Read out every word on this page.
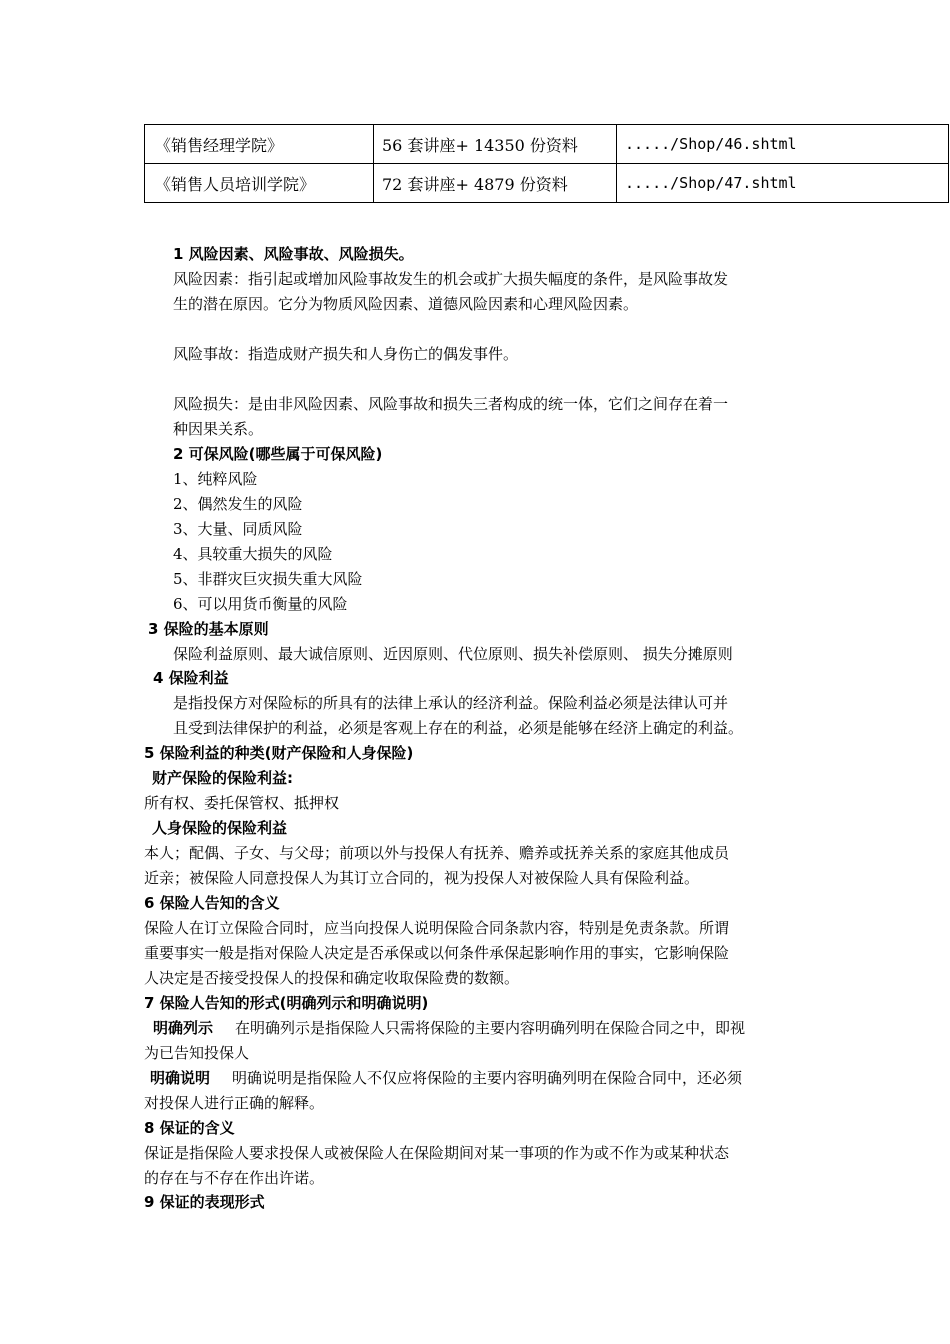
《销售经理学院》	56 套讲座+ 14350 份资料	...../Shop/46.shtml
《销售人员培训学院》	72 套讲座+ 4879 份资料	...../Shop/47.shtml
1 风险因素、风险事故、风险损失。
风险因素：指引起或增加风险事故发生的机会或扩大损失幅度的条件，是风险事故发
生的潜在原因。它分为物质风险因素、道德风险因素和心理风险因素。
风险事故：指造成财产损失和人身伤亡的偶发事件。
风险损失：是由非风险因素、风险事故和损失三者构成的统一体，它们之间存在着一
种因果关系。
2 可保风险(哪些属于可保风险)
1、纯粹风险
2、偶然发生的风险
3、大量、同质风险
4、具较重大损失的风险
5、非群灾巨灾损失重大风险
6、可以用货币衡量的风险
3 保险的基本原则
保险利益原则、最大诚信原则、近因原则、代位原则、损失补偿原则、 损失分摊原则
4 保险利益
是指投保方对保险标的所具有的法律上承认的经济利益。保险利益必须是法律认可并
且受到法律保护的利益，必须是客观上存在的利益，必须是能够在经济上确定的利益。
5 保险利益的种类(财产保险和人身保险)
财产保险的保险利益:
所有权、委托保管权、抵押权
人身保险的保险利益
本人；配偶、子女、与父母；前项以外与投保人有抚养、赡养或抚养关系的家庭其他成员
近亲；被保险人同意投保人为其订立合同的，视为投保人对被保险人具有保险利益。
6 保险人告知的含义
保险人在订立保险合同时，应当向投保人说明保险合同条款内容，特别是免责条款。所谓
重要事实一般是指对保险人决定是否承保或以何条件承保起影响作用的事实，它影响保险
人决定是否接受投保人的投保和确定收取保险费的数额。
7 保险人告知的形式(明确列示和明确说明)
明确列示 在明确列示是指保险人只需将保险的主要内容明确列明在保险合同之中，即视
为已告知投保人
明确说明 明确说明是指保险人不仅应将保险的主要内容明确列明在保险合同中，还必须
对投保人进行正确的解释。
8 保证的含义
保证是指保险人要求投保人或被保险人在保险期间对某一事项的作为或不作为或某种状态
的存在与不存在作出许诺。
9 保证的表现形式
